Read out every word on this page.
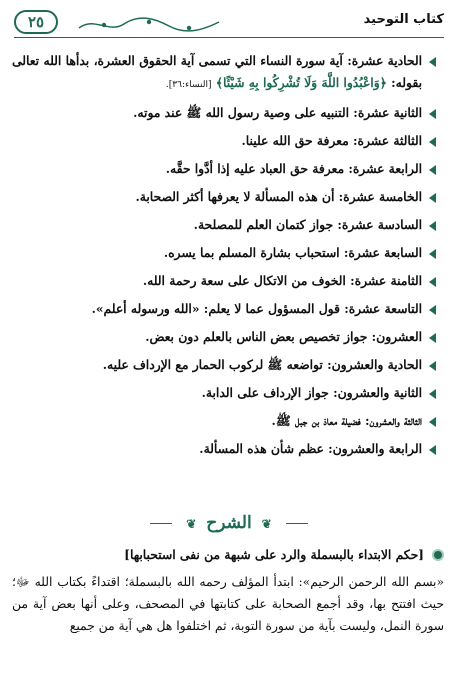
كتاب التوحيد
٢٥
الحادية عشرة: آية سورة النساء التي تسمى آية الحقوق العشرة، بدأها الله تعالى بقوله: ﴿وَاعْبُدُوا اللَّهَ وَلَا تُشْرِكُوا بِهِ شَيْئًا﴾ [النساء:٣٦].
الثانية عشرة: التنبيه على وصية رسول الله ﷺ عند موته.
الثالثة عشرة: معرفة حق الله علينا.
الرابعة عشرة: معرفة حق العباد عليه إذا أدَّوا حقَّه.
الخامسة عشرة: أن هذه المسألة لا يعرفها أكثر الصحابة.
السادسة عشرة: جواز كتمان العلم للمصلحة.
السابعة عشرة: استحباب بشارة المسلم بما يسره.
الثامنة عشرة: الخوف من الاتكال على سعة رحمة الله.
التاسعة عشرة: قول المسؤول عما لا يعلم: «الله ورسوله أعلم».
العشرون: جواز تخصيص بعض الناس بالعلم دون بعض.
الحادية والعشرون: تواضعه ﷺ لركوب الحمار مع الإرداف عليه.
الثانية والعشرون: جواز الإرداف على الدابة.
الثالثة والعشرون: فضيلة معاذ بن جبل ﷺ.
الرابعة والعشرون: عظم شأن هذه المسألة.
❦ الشرح ❦
[حكم الابتداء بالبسملة والرد على شبهة من نفى استحبابها]
«بسم الله الرحمن الرحيم»: ابتدأ المؤلف رحمه الله بالبسملة؛ اقتداءً بكتاب الله ﷻ؛ حيث افتتح بها، وقد أجمع الصحابة على كتابتها في المصحف، وعلى أنها بعض آية من سورة النمل، وليست بآية من سورة التوبة، ثم اختلفوا هل هي آية من جميع
